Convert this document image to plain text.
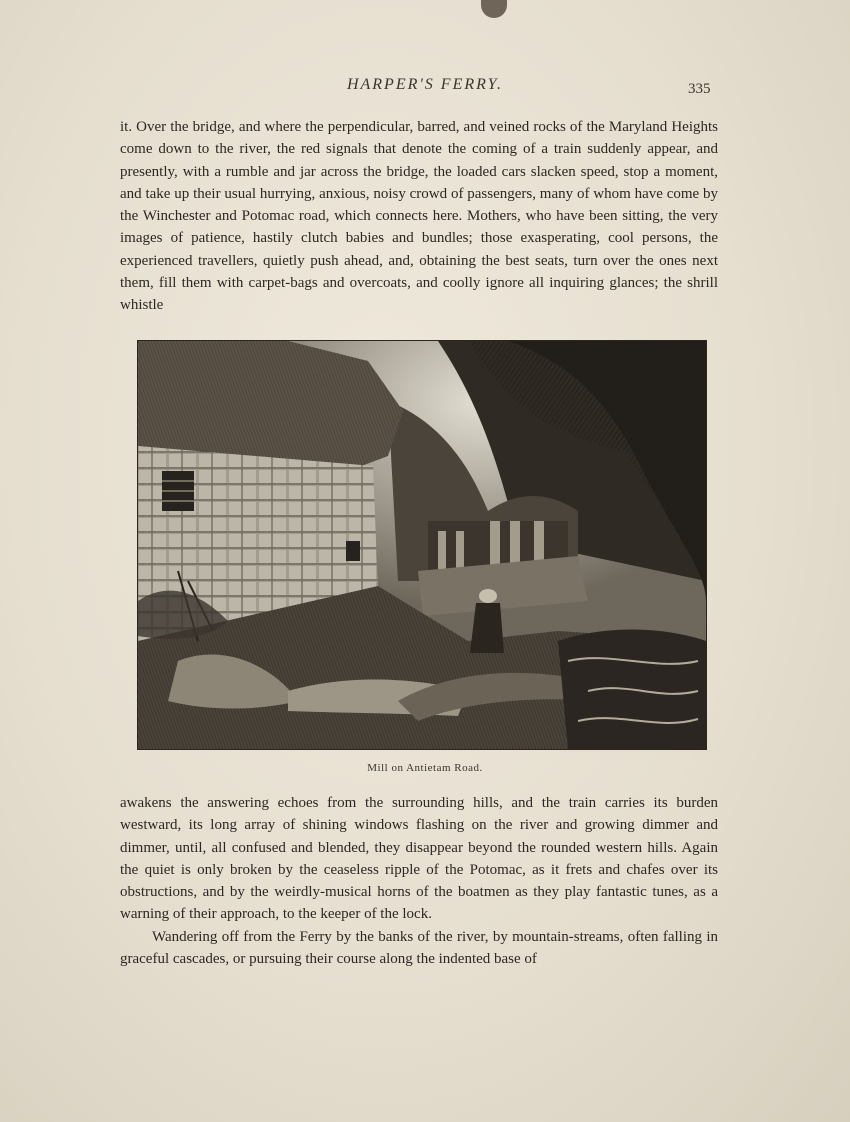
HARPER'S FERRY.	335

it. Over the bridge, and where the perpendicular, barred, and veined rocks of the Maryland Heights come down to the river, the red signals that denote the coming of a train suddenly appear, and presently, with a rumble and jar across the bridge, the loaded cars slacken speed, stop a moment, and take up their usual hurrying, anxious, noisy crowd of passengers, many of whom have come by the Winchester and Potomac road, which connects here. Mothers, who have been sitting, the very images of patience, hastily clutch babies and bundles; those exasperating, cool persons, the experienced travellers, quietly push ahead, and, obtaining the best seats, turn over the ones next them, fill them with carpet-bags and overcoats, and coolly ignore all inquiring glances; the shrill whistle

Mill on Antietam Road.

awakens the answering echoes from the surrounding hills, and the train carries its burden westward, its long array of shining windows flashing on the river and growing dimmer and dimmer, until, all confused and blended, they disappear beyond the rounded western hills. Again the quiet is only broken by the ceaseless ripple of the Potomac, as it frets and chafes over its obstructions, and by the weirdly-musical horns of the boatmen as they play fantastic tunes, as a warning of their approach, to the keeper of the lock.

Wandering off from the Ferry by the banks of the river, by mountain-streams, often falling in graceful cascades, or pursuing their course along the indented base of
